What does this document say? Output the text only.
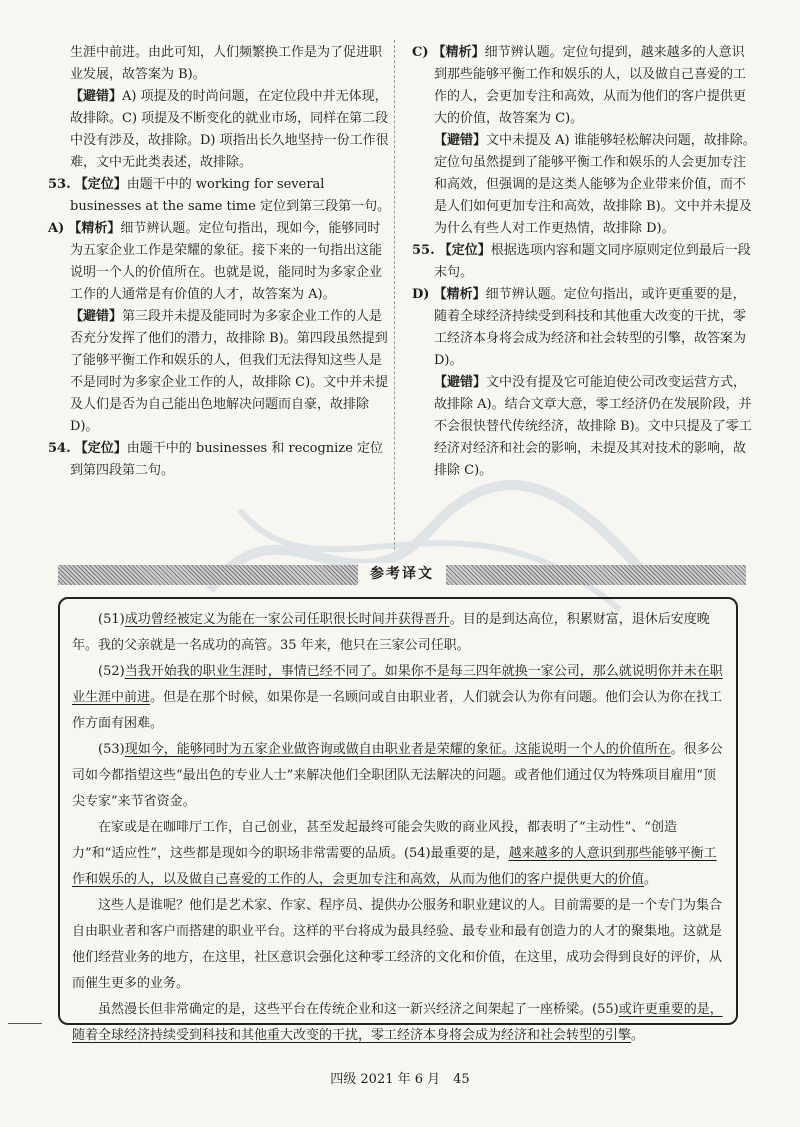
生涯中前进。由此可知，人们频繁换工作是为了促进职业发展，故答案为 B)。

【避错】A) 项提及的时尚问题，在定位段中并无体现，故排除。C) 项提及不断变化的就业市场，同样在第二段中没有涉及，故排除。D) 项指出长久地坚持一份工作很难，文中无此类表述，故排除。

53. 【定位】由题干中的 working for several businesses at the same time 定位到第三段第一句。

A) 【精析】细节辨认题。定位句指出，现如今，能够同时为五家企业工作是荣耀的象征。接下来的一句指出这能说明一个人的价值所在。也就是说，能同时为多家企业工作的人通常是有价值的人才，故答案为 A)。

【避错】第三段并未提及能同时为多家企业工作的人是否充分发挥了他们的潜力，故排除 B)。第四段虽然提到了能够平衡工作和娱乐的人，但我们无法得知这些人是不是同时为多家企业工作的人，故排除 C)。文中并未提及人们是否为自己能出色地解决问题而自豪，故排除 D)。

54. 【定位】由题干中的 businesses 和 recognize 定位到第四段第二句。

C) 【精析】细节辨认题。定位句提到，越来越多的人意识到那些能够平衡工作和娱乐的人，以及做自己喜爱的工作的人，会更加专注和高效，从而为他们的客户提供更大的价值，故答案为 C)。

【避错】文中未提及 A) 谁能够轻松解决问题，故排除。定位句虽然提到了能够平衡工作和娱乐的人会更加专注和高效，但强调的是这类人能够为企业带来价值，而不是人们如何更加专注和高效，故排除 B)。文中并未提及为什么有些人对工作更热情，故排除 D)。

55. 【定位】根据选项内容和题文同序原则定位到最后一段末句。

D) 【精析】细节辨认题。定位句指出，或许更重要的是，随着全球经济持续受到科技和其他重大改变的干扰，零工经济本身将会成为经济和社会转型的引擎，故答案为 D)。

【避错】文中没有提及它可能迫使公司改变运营方式，故排除 A)。结合文章大意，零工经济仍在发展阶段，并不会很快替代传统经济，故排除 B)。文中只提及了零工经济对经济和社会的影响，未提及其对技术的影响，故排除 C)。

参考译文

(51)成功曾经被定义为能在一家公司任职很长时间并获得晋升。目的是到达高位，积累财富，退休后安度晚年。我的父亲就是一名成功的高管。35 年来，他只在三家公司任职。

(52)当我开始我的职业生涯时，事情已经不同了。如果你不是每三四年就换一家公司，那么就说明你并未在职业生涯中前进。但是在那个时候，如果你是一名顾问或自由职业者，人们就会认为你有问题。他们会认为你在找工作方面有困难。

(53)现如今，能够同时为五家企业做咨询或做自由职业者是荣耀的象征。这能说明一个人的价值所在。很多公司如今都指望这些“最出色的专业人士”来解决他们全职团队无法解决的问题。或者他们通过仅为特殊项目雇用“顶尖专家”来节省资金。

在家或是在咖啡厅工作，自己创业，甚至发起最终可能会失败的商业风投，都表明了“主动性”、“创造力”和“适应性”，这些都是现如今的职场非常需要的品质。(54)最重要的是，越来越多的人意识到那些能够平衡工作和娱乐的人，以及做自己喜爱的工作的人，会更加专注和高效，从而为他们的客户提供更大的价值。

这些人是谁呢？他们是艺术家、作家、程序员、提供办公服务和职业建议的人。目前需要的是一个专门为集合自由职业者和客户而搭建的职业平台。这样的平台将成为最具经验、最专业和最有创造力的人才的聚集地。这就是他们经营业务的地方，在这里，社区意识会强化这种零工经济的文化和价值，在这里，成功会得到良好的评价，从而催生更多的业务。

虽然漫长但非常确定的是，这些平台在传统企业和这一新兴经济之间架起了一座桥梁。(55)或许更重要的是，随着全球经济持续受到科技和其他重大改变的干扰，零工经济本身将会成为经济和社会转型的引擎。

四级 2021 年 6 月　45
